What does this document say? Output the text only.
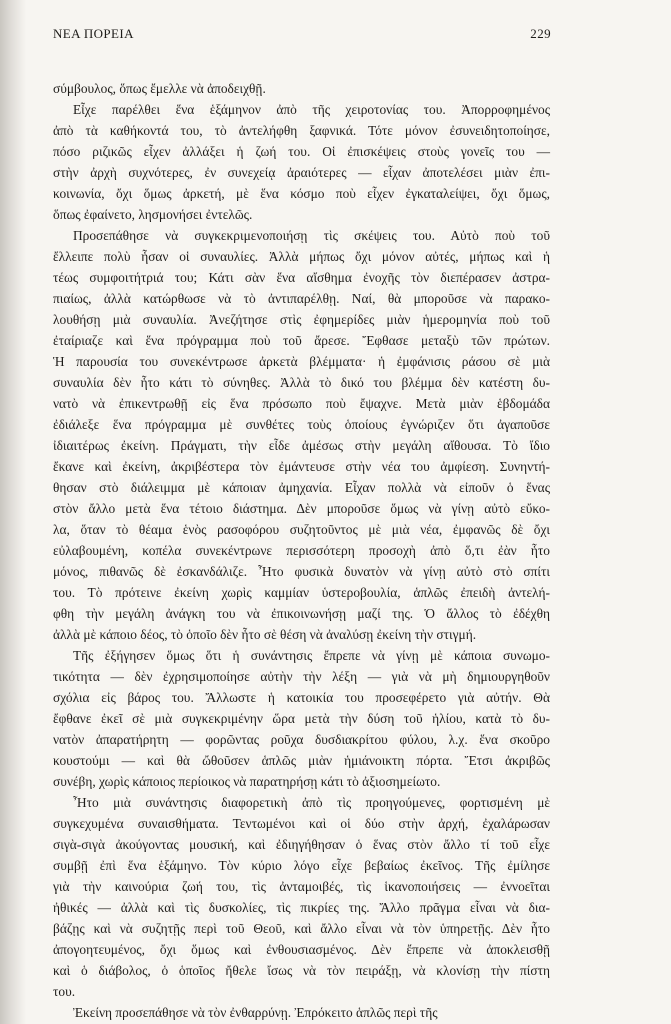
ΝΕΑ ΠΟΡΕΙΑ	229

σύμβουλος, ὅπως ἔμελλε νὰ ἀποδειχθῇ.

Εἶχε παρέλθει ἕνα ἑξάμηνον ἀπὸ τῆς χειροτονίας του. Ἀπορροφημένος
ἀπὸ τὰ καθήκοντά του, τὸ ἀντελήφθη ξαφνικά. Τότε μόνον ἐσυνειδητοποίησε,
πόσο ριζικῶς εἶχεν ἀλλάξει ἡ ζωή του. Οἱ ἐπισκέψεις στοὺς γονεῖς του —
στὴν ἀρχὴ συχνότερες, ἐν συνεχείᾳ ἀραιότερες — εἶχαν ἀποτελέσει μιὰν ἐπι-
κοινωνία, ὄχι ὅμως ἀρκετή, μὲ ἕνα κόσμο ποὺ εἶχεν ἐγκαταλείψει, ὄχι ὅμως,
ὅπως ἐφαίνετο, λησμονήσει ἐντελῶς.

Προσεπάθησε νὰ συγκεκριμενοποιήσῃ τὶς σκέψεις του. Αὐτὸ ποὺ τοῦ
ἔλλειπε πολὺ ἦσαν οἱ συναυλίες. Ἀλλὰ μήπως ὄχι μόνον αὐτές, μήπως καὶ ἡ
τέως συμφοιτήτριά του; Κάτι σὰν ἕνα αἴσθημα ἐνοχῆς τὸν διεπέρασεν ἀστρα-
πιαίως, ἀλλὰ κατώρθωσε νὰ τὸ ἀντιπαρέλθῃ. Ναί, θὰ μποροῦσε νὰ παρακο-
λουθήσῃ μιὰ συναυλία. Ἀνεζήτησε στὶς ἐφημερίδες μιὰν ἡμερομηνία ποὺ τοῦ
ἐταίριαζε καὶ ἕνα πρόγραμμα ποὺ τοῦ ἄρεσε. Ἔφθασε μεταξὺ τῶν πρώτων.
Ἡ παρουσία του συνεκέντρωσε ἀρκετὰ βλέμματα· ἡ ἐμφάνισις ράσου σὲ μιὰ
συναυλία δὲν ἦτο κάτι τὸ σύνηθες. Ἀλλὰ τὸ δικό του βλέμμα δὲν κατέστη δυ-
νατὸ νὰ ἐπικεντρωθῇ εἰς ἕνα πρόσωπο ποὺ ἔψαχνε. Μετὰ μιὰν ἑβδομάδα
ἐδιάλεξε ἕνα πρόγραμμα μὲ συνθέτες τοὺς ὁποίους ἐγνώριζεν ὅτι ἀγαποῦσε
ἰδιαιτέρως ἐκείνη. Πράγματι, τὴν εἶδε ἀμέσως στὴν μεγάλη αἴθουσα. Τὸ ἴδιο
ἔκανε καὶ ἐκείνη, ἀκριβέστερα τὸν ἐμάντευσε στὴν νέα του ἀμφίεση. Συνηντή-
θησαν στὸ διάλειμμα μὲ κάποιαν ἀμηχανία. Εἶχαν πολλὰ νὰ εἰποῦν ὁ ἕνας
στὸν ἄλλο μετὰ ἕνα τέτοιο διάστημα. Δὲν μποροῦσε ὅμως νὰ γίνῃ αὐτὸ εὔκο-
λα, ὅταν τὸ θέαμα ἑνὸς ρασοφόρου συζητοῦντος μὲ μιὰ νέα, ἐμφανῶς δὲ ὄχι
εὐλαβουμένη, κοπέλα συνεκέντρωνε περισσότερη προσοχὴ ἀπὸ ὅ,τι ἐὰν ἦτο
μόνος, πιθανῶς δὲ ἐσκανδάλιζε. Ἦτο φυσικὰ δυνατὸν νὰ γίνῃ αὐτὸ στὸ σπίτι
του. Τὸ πρότεινε ἐκείνη χωρὶς καμμίαν ὑστεροβουλία, ἁπλῶς ἐπειδὴ ἀντελή-
φθη τὴν μεγάλη ἀνάγκη του νὰ ἐπικοινωνήσῃ μαζί της. Ὁ ἄλλος τὸ ἐδέχθη
ἀλλὰ μὲ κάποιο δέος, τὸ ὁποῖο δὲν ἦτο σὲ θέση νὰ ἀναλύσῃ ἐκείνη τὴν στιγμή.

Τῆς ἐξήγησεν ὅμως ὅτι ἡ συνάντησις ἔπρεπε νὰ γίνῃ μὲ κάποια συνωμο-
τικότητα — δὲν ἐχρησιμοποίησε αὐτὴν τὴν λέξη — γιὰ νὰ μὴ δημιουργηθοῦν
σχόλια εἰς βάρος του. Ἄλλωστε ἡ κατοικία του προσεφέρετο γιὰ αὐτήν. Θὰ
ἔφθανε ἐκεῖ σὲ μιὰ συγκεκριμένην ὥρα μετὰ τὴν δύση τοῦ ἡλίου, κατὰ τὸ δυ-
νατὸν ἀπαρατήρητη — φορῶντας ροῦχα δυσδιακρίτου φύλου, λ.χ. ἕνα σκοῦρο
κουστούμι — καὶ θὰ ὤθοῦσεν ἁπλῶς μιὰν ἡμιάνοικτη πόρτα. Ἔτσι ἀκριβῶς
συνέβη, χωρὶς κάποιος περίοικος νὰ παρατηρήσῃ κάτι τὸ ἀξιοσημείωτο.

Ἦτο μιὰ συνάντησις διαφορετικὴ ἀπὸ τὶς προηγούμενες, φορτισμένη μὲ
συγκεχυμένα συναισθήματα. Τεντωμένοι καὶ οἱ δύο στὴν ἀρχή, ἐχαλάρωσαν
σιγὰ-σιγὰ ἀκούγοντας μουσική, καὶ ἐδιηγήθησαν ὁ ἕνας στὸν ἄλλο τί τοῦ εἶχε
συμβῇ ἐπὶ ἕνα ἑξάμηνο. Τὸν κύριο λόγο εἶχε βεβαίως ἐκεῖνος. Τῆς ἐμίλησε
γιὰ τὴν καινούρια ζωή του, τὶς ἀνταμοιβές, τὶς ἱκανοποιήσεις — ἐννοεῖται
ἠθικές — ἀλλὰ καὶ τὶς δυσκολίες, τὶς πικρίες της. Ἄλλο πρᾶγμα εἶναι νὰ δια-
βάζῃς καὶ νὰ συζητῇς περὶ τοῦ Θεοῦ, καὶ ἄλλο εἶναι νὰ τὸν ὑπηρετῇς. Δὲν ἦτο
ἀπογοητευμένος, ὄχι ὅμως καὶ ἐνθουσιασμένος. Δὲν ἔπρεπε νὰ ἀποκλεισθῇ
καὶ ὁ διάβολος, ὁ ὁποῖος ἤθελε ἴσως νὰ τὸν πειράξῃ, νὰ κλονίσῃ τὴν πίστη
του.

Ἐκείνη προσεπάθησε νὰ τὸν ἐνθαρρύνῃ. Ἐπρόκειτο ἁπλῶς περὶ τῆς
